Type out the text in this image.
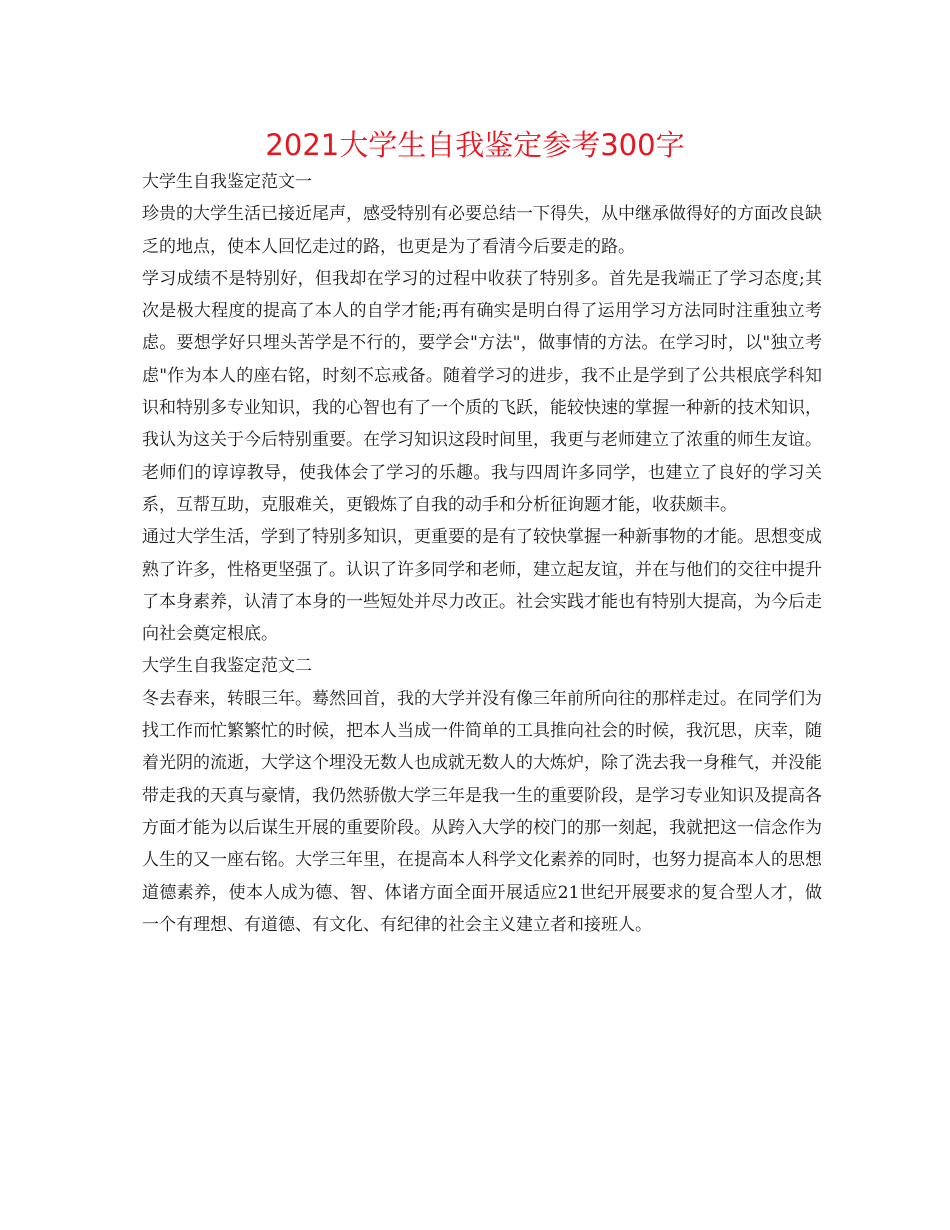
2021大学生自我鉴定参考300字

大学生自我鉴定范文一

珍贵的大学生活已接近尾声，感受特别有必要总结一下得失，从中继承做得好的方面改良缺乏的地点，使本人回忆走过的路，也更是为了看清今后要走的路。

学习成绩不是特别好，但我却在学习的过程中收获了特别多。首先是我端正了学习态度;其次是极大程度的提高了本人的自学才能;再有确实是明白得了运用学习方法同时注重独立考虑。要想学好只埋头苦学是不行的，要学会"方法"，做事情的方法。在学习时，以"独立考虑"作为本人的座右铭，时刻不忘戒备。随着学习的进步，我不止是学到了公共根底学科知识和特别多专业知识，我的心智也有了一个质的飞跃，能较快速的掌握一种新的技术知识，我认为这关于今后特别重要。在学习知识这段时间里，我更与老师建立了浓重的师生友谊。老师们的谆谆教导，使我体会了学习的乐趣。我与四周许多同学，也建立了良好的学习关系，互帮互助，克服难关，更锻炼了自我的动手和分析征询题才能，收获颇丰。

通过大学生活，学到了特别多知识，更重要的是有了较快掌握一种新事物的才能。思想变成熟了许多，性格更坚强了。认识了许多同学和老师，建立起友谊，并在与他们的交往中提升了本身素养，认清了本身的一些短处并尽力改正。社会实践才能也有特别大提高，为今后走向社会奠定根底。

大学生自我鉴定范文二

冬去春来，转眼三年。蓦然回首，我的大学并没有像三年前所向往的那样走过。在同学们为找工作而忙繁繁忙的时候，把本人当成一件简单的工具推向社会的时候，我沉思，庆幸，随着光阴的流逝，大学这个埋没无数人也成就无数人的大炼炉，除了洗去我一身稚气，并没能带走我的天真与豪情，我仍然骄傲大学三年是我一生的重要阶段，是学习专业知识及提高各方面才能为以后谋生开展的重要阶段。从跨入大学的校门的那一刻起，我就把这一信念作为人生的又一座右铭。大学三年里，在提高本人科学文化素养的同时，也努力提高本人的思想道德素养，使本人成为德、智、体诸方面全面开展适应21世纪开展要求的复合型人才，做一个有理想、有道德、有文化、有纪律的社会主义建立者和接班人。
